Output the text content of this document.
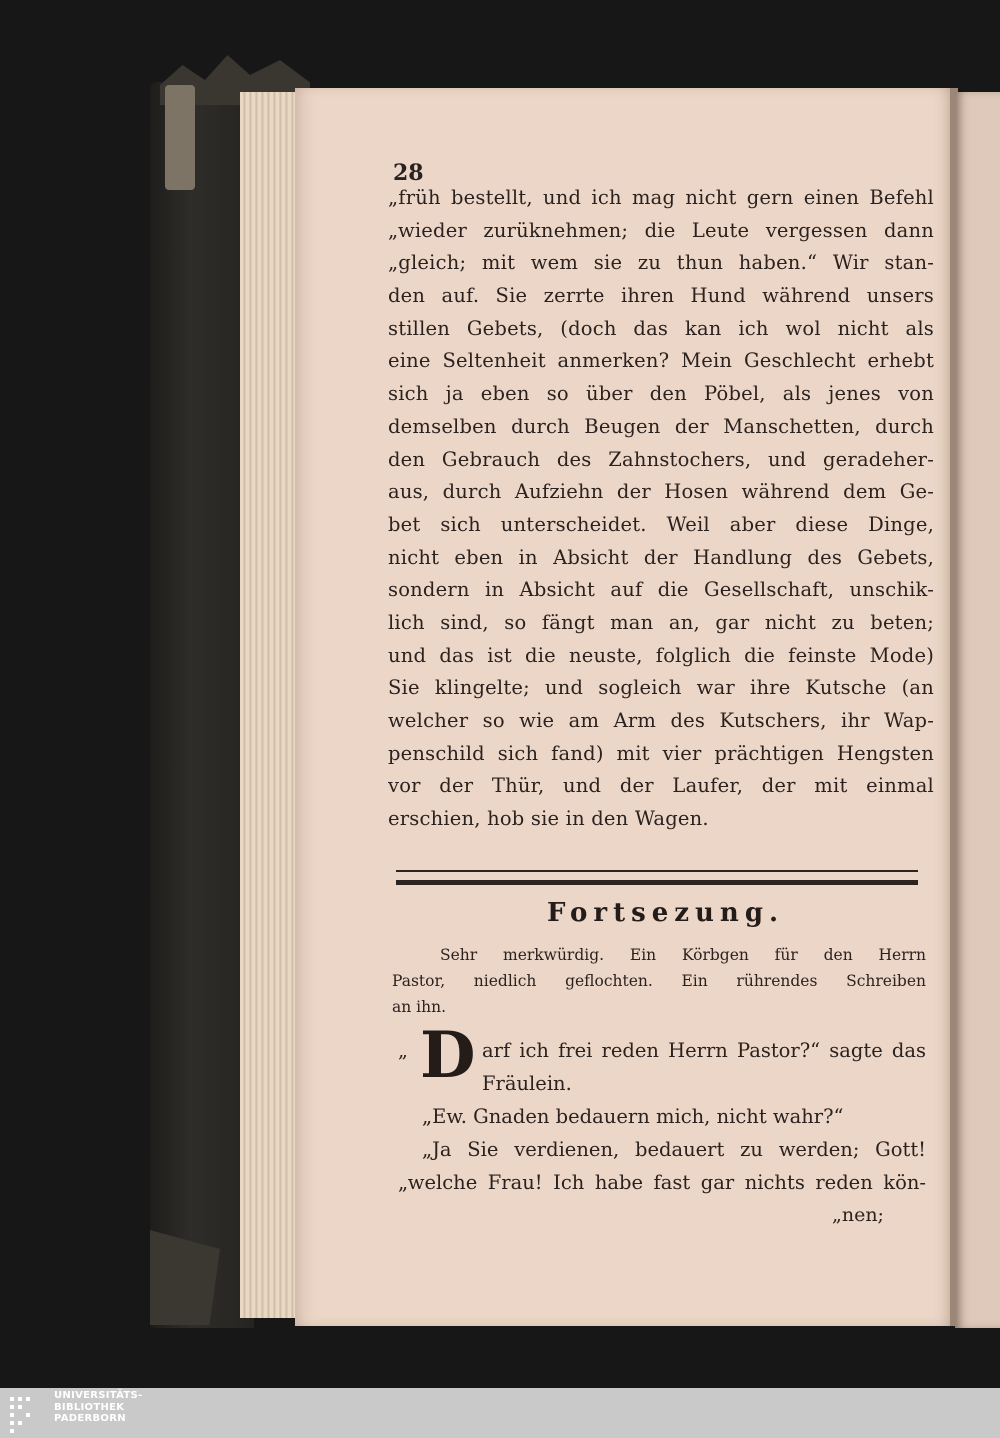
28
„früh bestellt, und ich mag nicht gern einen Befehl
„wieder zurüknehmen; die Leute vergessen dann
„gleich; mit wem sie zu thun haben.“ Wir stan-
den auf. Sie zerrte ihren Hund während unsers
stillen Gebets, (doch das kan ich wol nicht als
eine Seltenheit anmerken? Mein Geschlecht erhebt
sich ja eben so über den Pöbel, als jenes von
demselben durch Beugen der Manschetten, durch
den Gebrauch des Zahnstochers, und geradeher-
aus, durch Aufziehn der Hosen während dem Ge-
bet sich unterscheidet. Weil aber diese Dinge,
nicht eben in Absicht der Handlung des Gebets,
sondern in Absicht auf die Gesellschaft, unschik-
lich sind, so fängt man an, gar nicht zu beten;
und das ist die neuste, folglich die feinste Mode)
Sie klingelte; und sogleich war ihre Kutsche (an
welcher so wie am Arm des Kutschers, ihr Wap-
penschild sich fand) mit vier prächtigen Hengsten
vor der Thür, und der Laufer, der mit einmal
erschien, hob sie in den Wagen.
Fortsezung.
Sehr merkwürdig. Ein Körbgen für den Herrn
Pastor, niedlich geflochten. Ein rührendes Schreiben
an ihn.
„ D arf ich frei reden Herrn Pastor?“ sagte das
Fräulein.
„Ew. Gnaden bedauern mich, nicht wahr?“
„Ja Sie verdienen, bedauert zu werden; Gott!
„welche Frau! Ich habe fast gar nichts reden kön-
„nen;
UNIVERSITÄTS-
BIBLIOTHEK
PADERBORN
